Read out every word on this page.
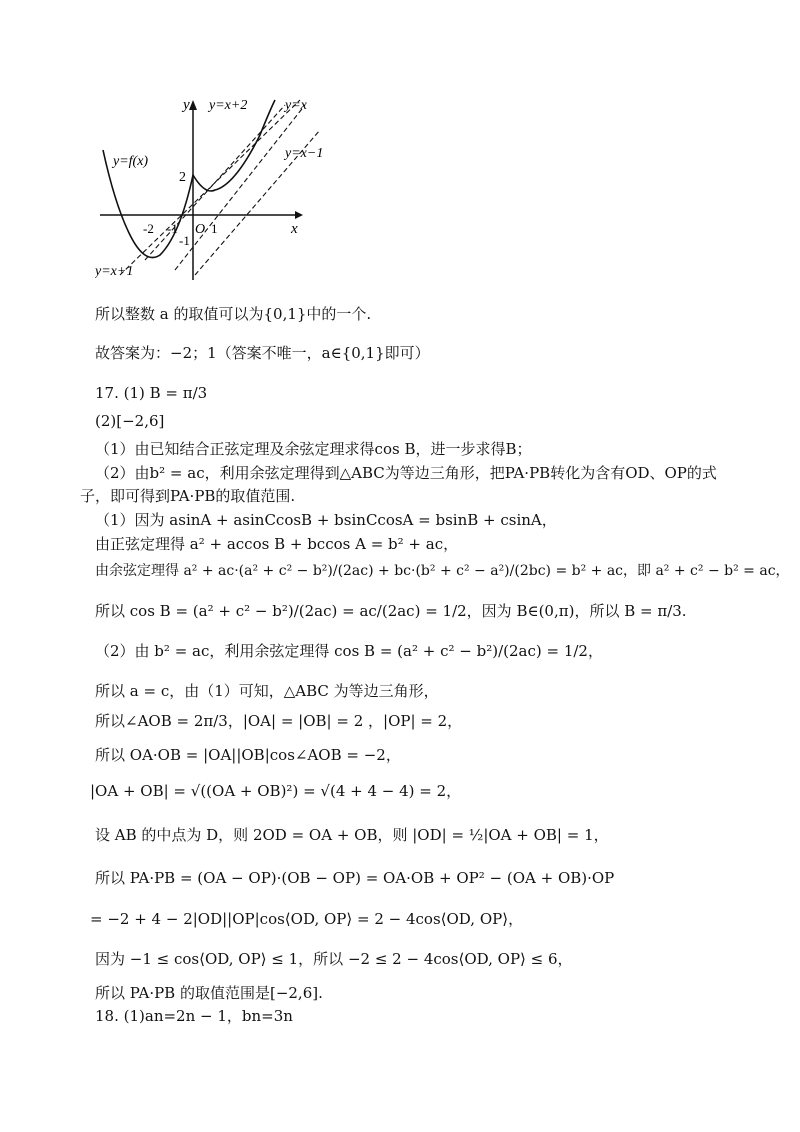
y
x
y=x+2	y=x
y=x−1
y=f(x)
y=x+1
2
-2 -1 O 1
-1
所以整数 a 的取值可以为{0,1}中的一个.
故答案为：−2；1（答案不唯一，a∈{0,1}即可）
17. (1) B = π/3
(2)[−2,6]
（1）由已知结合正弦定理及余弦定理求得cos B，进一步求得B；
（2）由b² = ac，利用余弦定理得到△ABC为等边三角形，把PA·PB转化为含有OD、OP的式
子，即可得到PA·PB的取值范围.
（1）因为 asinA + asinCcosB + bsinCcosA = bsinB + csinA，
由正弦定理得 a² + accos B + bccos A = b² + ac，
由余弦定理得 a² + ac·(a² + c² − b²)/(2ac) + bc·(b² + c² − a²)/(2bc) = b² + ac，即 a² + c² − b² = ac，
所以 cos B = (a² + c² − b²)/(2ac) = ac/(2ac) = 1/2，因为 B∈(0,π)，所以 B = π/3.
（2）由 b² = ac，利用余弦定理得 cos B = (a² + c² − b²)/(2ac) = 1/2，
所以 a = c，由（1）可知，△ABC 为等边三角形，
所以∠AOB = 2π/3，|OA| = |OB| = 2 ，|OP| = 2，
所以 OA·OB = |OA||OB|cos∠AOB = −2，
|OA + OB| = √((OA + OB)²) = √(4 + 4 − 4) = 2，
设 AB 的中点为 D，则 2OD = OA + OB，则 |OD| = ½|OA + OB| = 1，
所以 PA·PB = (OA − OP)·(OB − OP) = OA·OB + OP² − (OA + OB)·OP
= −2 + 4 − 2|OD||OP|cos⟨OD, OP⟩ = 2 − 4cos⟨OD, OP⟩，
因为 −1 ≤ cos⟨OD, OP⟩ ≤ 1，所以 −2 ≤ 2 − 4cos⟨OD, OP⟩ ≤ 6，
所以 PA·PB 的取值范围是[−2,6].
18. (1)an=2n − 1，bn=3n
